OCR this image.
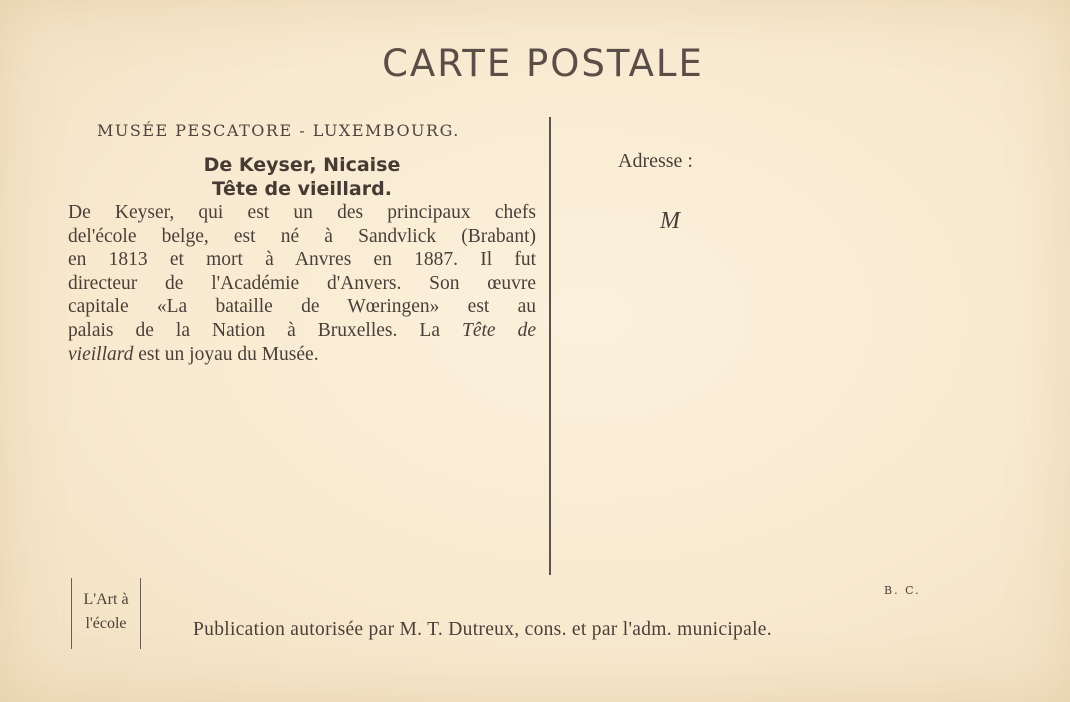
CARTE POSTALE
MUSÉE PESCATORE - LUXEMBOURG.
De Keyser, Nicaise
Tête de vieillard.
De Keyser, qui est un des principaux chefs
del'école belge, est né à Sandvlick (Brabant)
en 1813 et mort à Anvres en 1887. Il fut
directeur de l'Académie d'Anvers. Son œuvre
capitale «La bataille de Wœringen» est au
palais de la Nation à Bruxelles. La Tête de
vieillard est un joyau du Musée.
Adresse :
M
L'Art à
l'école
B. C.
Publication autorisée par M. T. Dutreux, cons. et par l'adm. municipale.
